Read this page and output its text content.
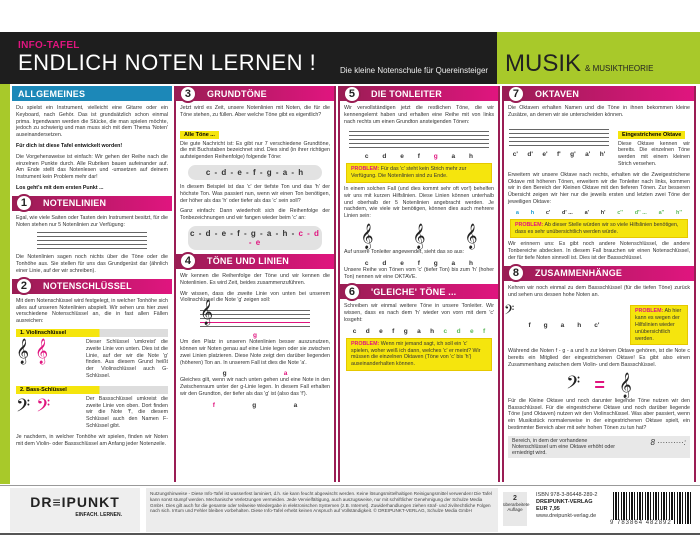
INFO-TAFEL
ENDLICH NOTEN LERNEN !	Die kleine Notenschule für Quereinsteiger MUSIK & MUSIKTHEORIE
ALLGEMEINES

Du spielst ein Instrument, vielleicht eine Gitarre oder ein Keyboard, nach Gehör. Das ist grundsätzlich schon einmal prima. Irgendwann werden die Stücke, die man spielen möchte, jedoch zu schwierig und man muss sich mit dem Thema 'Noten' auseinandersetzen.

Für dich ist diese Tafel entwickelt worden!

Die Vorgehensweise ist einfach: Wir gehen der Reihe nach die einzelnen Punkte durch. Alle Rubriken bauen aufeinander auf. Am Ende stellt das Notenlesen und -umsetzen auf deinem Instrument kein Problem mehr dar!

Los geht's mit dem ersten Punkt ...

1	NOTENLINIEN

Egal, wie viele Saiten oder Tasten dein Instrument besitzt, für die Noten stehen nur 5 Notenlinien zur Verfügung:

Die Notenlinien sagen noch nichts über die Töne oder die Tonhöhe aus. Sie stellen für uns das Grundgerüst dar (ähnlich einer Linie, auf der wir schreiben).

2	NOTENSCHLÜSSEL

Mit dem Notenschlüssel wird festgelegt, in welcher Tonhöhe sich alles auf unseren Notenlinien abspielt. Wir sehen uns hier zwei verschiedene Notenschlüssel an, die in fast allen Fällen ausreichen:

1. Violinschlüssel
𝄞 𝄞	Dieser Schlüssel 'umkreist' die zweite Linie von unten. Dies ist die Linie, auf der wir die Note 'g' finden. Aus diesem Grund heißt der Violinschlüssel auch G-Schlüssel.

2. Bass-Schlüssel
𝄢 𝄢	Der Bassschlüssel umkreist die zweite Linie von oben. Dort finden wir die Note 'f', die diesem Schlüssel auch den Namen F-Schlüssel gibt.

Je nachdem, in welcher Tonhöhe wir spielen, finden wir Noten mit dem Violin- oder Bassschlüssel am Anfang jeder Notenzeile.

3	GRUNDTÖNE

Jetzt wird es Zeit, unsere Notenlinien mit Noten, die für die Töne stehen, zu füllen. Aber welche Töne gibt es eigentlich?

Alle Töne ...

Die gute Nachricht ist: Es gibt nur 7 verschiedene Grundtöne, die mit Buchstaben bezeichnet sind. Dies sind (in ihrer richtigen aufsteigenden Reihenfolge) folgende Töne:

c - d - e - f - g - a - h

In diesem Beispiel ist das 'c' der tiefste Ton und das 'h' der höchste Ton. Was passiert nun, wenn wir einen Ton benötigen, der höher als das 'h' oder tiefer als das 'c' sein soll?

Ganz einfach: Dann wiederholt sich die Reihenfolge der Tonbezeichnungen und wir fangen wieder beim 'c' an:

c - d - e - f - g - a - h - c - d - e
4	TÖNE UND LINIEN

Wir kennen die Reihenfolge der Töne und wir kennen die Notenlinien. Es wird Zeit, beides zusammenzuführen.

Wir wissen, dass die zweite Linie von unten bei unserem Violinschlüssel die Note 'g' zeigen soll:

𝄞
g

Um den Platz in unseren Notenlinien besser auszunutzen, können wir Noten genau auf eine Linie legen oder sie zwischen zwei Linien platzieren. Diese Note zeigt den darüber liegenden (höheren) Ton an. In unserem Fall ist dies die Note 'a'.

g	a

Gleiches gilt, wenn wir nach unten gehen und eine Note in den Zwischenraum unter der g-Linie legen. In diesem Fall erhalten wir den Grundton, der tiefer als das 'g' ist (also das 'f').

f	g	a
5	DIE TONLEITER

Wir vervollständigen jetzt die restlichen Töne, die wir kennengelernt haben und erhalten eine Reihe mit von links nach rechts um einen Grundton ansteigenden Tönen:

c d e f g a h
PROBLEM: Für das 'c' steht kein Strich mehr zur Verfügung. Die Notenlinien sind zu Ende.

In einem solchen Fall (und dies kommt sehr oft vor!) behelfen wir uns mit kurzen Hilfslinien. Diese Linien können unterhalb und oberhalb der 5 Notenlinien angebracht werden. Je nachdem, wie viele wir benötigen, können dies auch mehrere Linien sein:

𝄞 𝄞 𝄞

Auf unsere Tonleiter angewendet, sieht das so aus:

c d e f g a h

Unsere Reihe von Tönen vom 'c' (tiefer Ton) bis zum 'h' (hoher Ton) nennen wir eine OKTAVE.

6	'GLEICHE' TÖNE ...

Schreiben wir einmal weitere Töne in unsere Tonleiter. Wir wissen, dass es nach dem 'h' wieder von vorn mit dem 'c' losgeht:

c d e f g a h c d e f
PROBLEM: Wenn mir jemand sagt, ich soll ein 'c' spielen, woher weiß ich dann, welches 'c' er meint? Wir müssen die einzelnen Oktaven (Töne von 'c' bis 'h') auseinanderhalten können.
7	OKTAVEN

Die Oktaven erhalten Namen und die Töne in ihnen bekommen kleine Zusätze, an denen wir sie unterscheiden können.

c' d' e' f' g' a' h'
Eingestrichene Oktave

Diese Oktave kennen wir bereits. Die einzelnen Töne werden mit einem kleinen Strich versehen.

Erweitern wir unsere Oktave nach rechts, erhalten wir die Zweigestrichene Oktave mit höheren Tönen, erweitern wir die Tonleiter nach links, kommen wir in den Bereich der Kleinen Oktave mit den tieferen Tönen. Zur besseren Übersicht zeigen wir hier nur die jeweils ersten und letzten zwei Töne der jeweiligen Oktave:

a h c' d' ... a' h' c'' d'' ... a'' h''
PROBLEM: Ab dieser Stelle würden wir so viele Hilfslinien benötigen, dass es sehr unübersichtlich werden würde.

Wir erinnern uns: Es gibt noch andere Notenschlüssel, die andere Tonbereiche abdecken. In diesem Fall brauchen wir einen Notenschlüssel, der für tiefe Noten sinnvoll ist. Dies ist der Bassschlüssel.

8	ZUSAMMENHÄNGE

Kehren wir noch einmal zu dem Bassschlüssel (für die tiefen Töne) zurück und sehen uns dessen hohe Noten an.

𝄢
f g a h c'
PROBLEM: Ab hier kann es wegen der Hilfslinien wieder unübersichtlich werden.

Während die Noten f - g - a und h zur kleinen Oktave gehören, ist die Note c bereits ein Mitglied der eingestrichenen Oktave! Es gibt also einen Zusammenhang zwischen dem Violin- und dem Bassschlüssel.

𝄢 = 𝄞

Für die Kleine Oktave und noch darunter liegende Töne nutzen wir den Bassschlüssel. Für die eingestrichene Oktave und noch darüber liegende Töne (und Oktaven) nutzen wir den Violinschlüssel. Was aber passiert, wenn ein Musikstück normalerweise in der eingestrichenen Oktave spielt, ein bestimmter Bereich aber mit sehr hohen Tönen zu tun hat?

Bereich, in dem der vorhandene Notenschlüssel um eine Oktave erhöht oder erniedrigt wird.
8 ··········:
DR≡IPUNKT
EINFACH. LERNEN.
Nutzungshinweise - Diese Info-Tafel ist wasserfest laminiert, d.h. sie kann feucht abgewischt werden. Keine lösungsmittelhaltigen Reinigungsmittel verwenden! Die Tafel kann sonst stumpf werden. Mechanische Verletzungen vermeiden. Jede Vervielfältigung, auch auszugsweise, nur mit schriftlicher Genehmigung der Schulze Media GmbH. Dies gilt auch für die gesamte oder teilweise Wiedergabe in elektronischen Systemen (z.B. Internet). Zuwiderhandlungen ziehen straf- und zivilrechtliche Folgen nach sich. Irrtum und Fehler bleiben vorbehalten. Diese Info-Tafel erhebt keinen Anspruch auf Vollständigkeit. © DREIPUNKT-VERLAG, Schulze Media GmbH
2
überarbeitete Auflage
ISBN 978-3-86448-289-2
DREIPUNKT-VERLAG
EUR 7,95
www.dreipunkt-verlag.de
9 783864 482892
